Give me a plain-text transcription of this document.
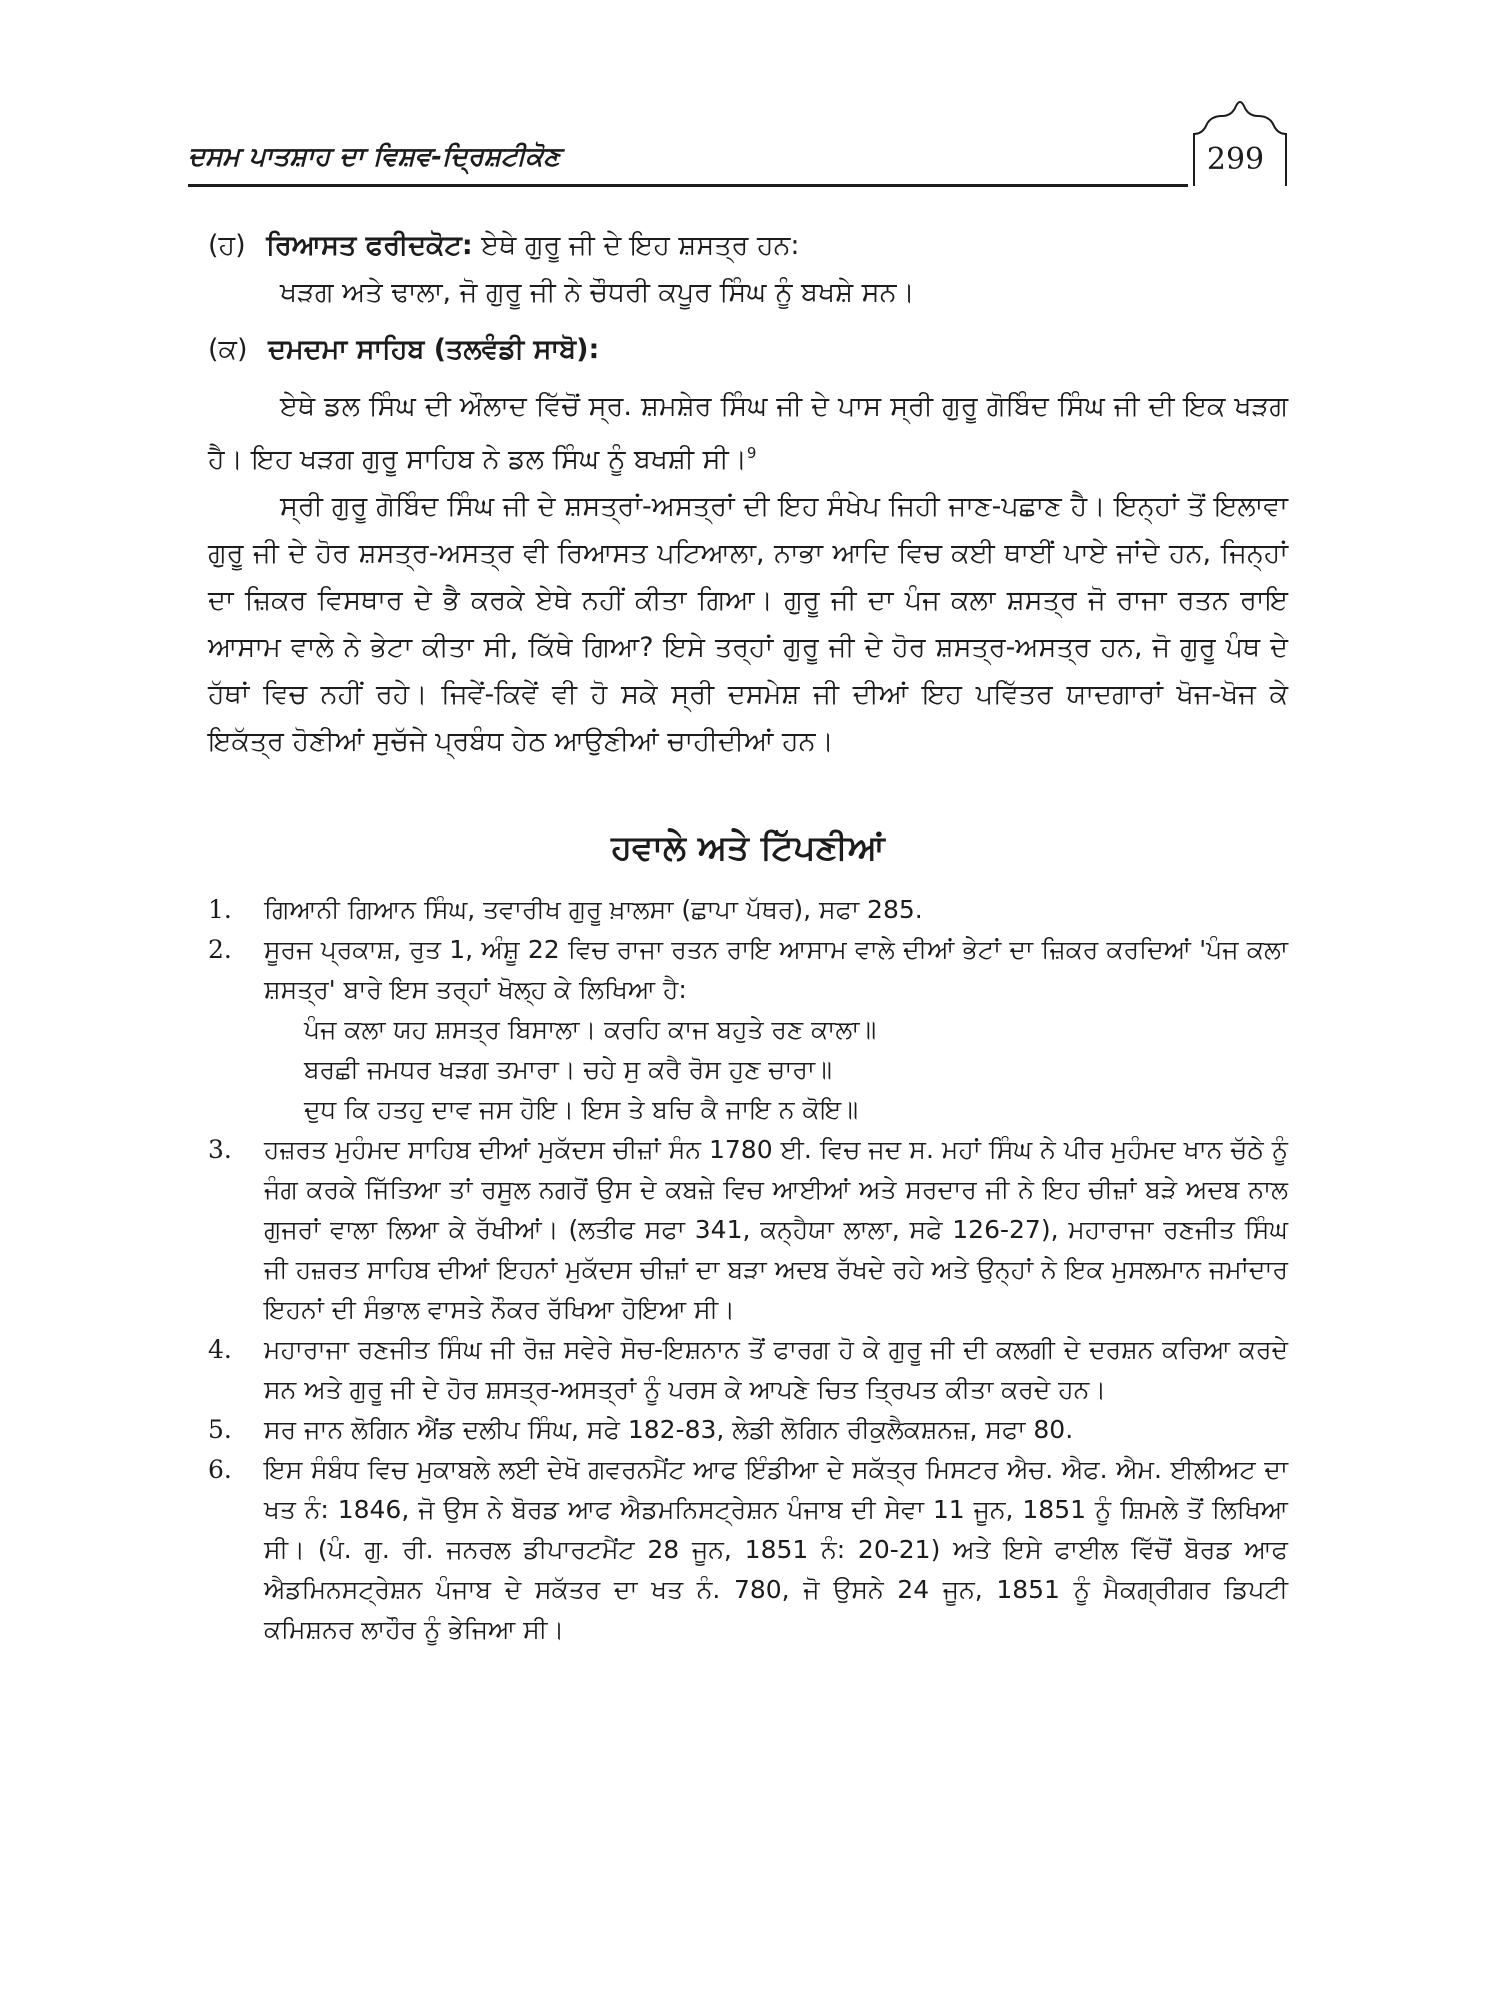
ਦਸਮ ਪਾਤਸ਼ਾਹ ਦਾ ਵਿਸ਼ਵ-ਦ੍ਰਿਸ਼ਟੀਕੋਣ	299
(ਹ) ਰਿਆਸਤ ਫਰੀਦਕੋਟ: ਏਥੇ ਗੁਰੂ ਜੀ ਦੇ ਇਹ ਸ਼ਸਤ੍ਰ ਹਨ:
ਖੜਗ ਅਤੇ ਢਾਲਾ, ਜੋ ਗੁਰੂ ਜੀ ਨੇ ਚੌਧਰੀ ਕਪੂਰ ਸਿੰਘ ਨੂੰ ਬਖਸ਼ੇ ਸਨ।
(ਕ) ਦਮਦਮਾ ਸਾਹਿਬ (ਤਲਵੰਡੀ ਸਾਬੋ):
ਏਥੇ ਡਲ ਸਿੰਘ ਦੀ ਔਲਾਦ ਵਿੱਚੋਂ ਸ੍ਰ. ਸ਼ਮਸ਼ੇਰ ਸਿੰਘ ਜੀ ਦੇ ਪਾਸ ਸ੍ਰੀ ਗੁਰੂ ਗੋਬਿੰਦ ਸਿੰਘ ਜੀ ਦੀ ਇਕ ਖੜਗ ਹੈ। ਇਹ ਖੜਗ ਗੁਰੂ ਸਾਹਿਬ ਨੇ ਡਲ ਸਿੰਘ ਨੂੰ ਬਖਸ਼ੀ ਸੀ।$^9$
ਸ੍ਰੀ ਗੁਰੂ ਗੋਬਿੰਦ ਸਿੰਘ ਜੀ ਦੇ ਸ਼ਸਤ੍ਰਾਂ-ਅਸਤ੍ਰਾਂ ਦੀ ਇਹ ਸੰਖੇਪ ਜਿਹੀ ਜਾਣ-ਪਛਾਣ ਹੈ। ਇਨ੍ਹਾਂ ਤੋਂ ਇਲਾਵਾ ਗੁਰੂ ਜੀ ਦੇ ਹੋਰ ਸ਼ਸਤ੍ਰ-ਅਸਤ੍ਰ ਵੀ ਰਿਆਸਤ ਪਟਿਆਲਾ, ਨਾਭਾ ਆਦਿ ਵਿਚ ਕਈ ਥਾਈਂ ਪਾਏ ਜਾਂਦੇ ਹਨ, ਜਿਨ੍ਹਾਂ ਦਾ ਜ਼ਿਕਰ ਵਿਸਥਾਰ ਦੇ ਭੈ ਕਰਕੇ ਏਥੇ ਨਹੀਂ ਕੀਤਾ ਗਿਆ। ਗੁਰੂ ਜੀ ਦਾ ਪੰਜ ਕਲਾ ਸ਼ਸਤ੍ਰ ਜੋ ਰਾਜਾ ਰਤਨ ਰਾਇ ਆਸਾਮ ਵਾਲੇ ਨੇ ਭੇਟਾ ਕੀਤਾ ਸੀ, ਕਿੱਥੇ ਗਿਆ? ਇਸੇ ਤਰ੍ਹਾਂ ਗੁਰੂ ਜੀ ਦੇ ਹੋਰ ਸ਼ਸਤ੍ਰ-ਅਸਤ੍ਰ ਹਨ, ਜੋ ਗੁਰੂ ਪੰਥ ਦੇ ਹੱਥਾਂ ਵਿਚ ਨਹੀਂ ਰਹੇ। ਜਿਵੇਂ-ਕਿਵੇਂ ਵੀ ਹੋ ਸਕੇ ਸ੍ਰੀ ਦਸਮੇਸ਼ ਜੀ ਦੀਆਂ ਇਹ ਪਵਿੱਤਰ ਯਾਦਗਾਰਾਂ ਖੋਜ-ਖੋਜ ਕੇ ਇਕੱਤ੍ਰ ਹੋਣੀਆਂ ਸੁਚੱਜੇ ਪ੍ਰਬੰਧ ਹੇਠ ਆਉਣੀਆਂ ਚਾਹੀਦੀਆਂ ਹਨ।
ਹਵਾਲੇ ਅਤੇ ਟਿੱਪਣੀਆਂ
1.	ਗਿਆਨੀ ਗਿਆਨ ਸਿੰਘ, ਤਵਾਰੀਖ ਗੁਰੂ ਖ਼ਾਲਸਾ (ਛਾਪਾ ਪੱਥਰ), ਸਫਾ 285.
2.	ਸੂਰਜ ਪ੍ਰਕਾਸ਼, ਰੁਤ 1, ਅੰਸ਼ੂ 22 ਵਿਚ ਰਾਜਾ ਰਤਨ ਰਾਇ ਆਸਾਮ ਵਾਲੇ ਦੀਆਂ ਭੇਟਾਂ ਦਾ ਜ਼ਿਕਰ ਕਰਦਿਆਂ 'ਪੰਜ ਕਲਾ ਸ਼ਸਤ੍ਰ' ਬਾਰੇ ਇਸ ਤਰ੍ਹਾਂ ਖੋਲ੍ਹ ਕੇ ਲਿਖਿਆ ਹੈ:
ਪੰਜ ਕਲਾ ਯਹ ਸ਼ਸਤ੍ਰ ਬਿਸਾਲਾ। ਕਰਹਿ ਕਾਜ ਬਹੁਤੇ ਰਣ ਕਾਲਾ॥
ਬਰਛੀ ਜਮਧਰ ਖੜਗ ਤਮਾਰਾ। ਚਹੇ ਸੁ ਕਰੈ ਰੋਸ ਹੁਣ ਚਾਰਾ॥
ਦੁਧ ਕਿ ਹਤਹੁ ਦਾਵ ਜਸ ਹੋਇ। ਇਸ ਤੇ ਬਚਿ ਕੈ ਜਾਇ ਨ ਕੋਇ॥
3.	ਹਜ਼ਰਤ ਮੁਹੰਮਦ ਸਾਹਿਬ ਦੀਆਂ ਮੁਕੱਦਸ ਚੀਜ਼ਾਂ ਸੰਨ 1780 ਈ. ਵਿਚ ਜਦ ਸ. ਮਹਾਂ ਸਿੰਘ ਨੇ ਪੀਰ ਮੁਹੰਮਦ ਖਾਨ ਚੱਠੇ ਨੂੰ ਜੰਗ ਕਰਕੇ ਜਿੱਤਿਆ ਤਾਂ ਰਸੂਲ ਨਗਰੋਂ ਉਸ ਦੇ ਕਬਜ਼ੇ ਵਿਚ ਆਈਆਂ ਅਤੇ ਸਰਦਾਰ ਜੀ ਨੇ ਇਹ ਚੀਜ਼ਾਂ ਬੜੇ ਅਦਬ ਨਾਲ ਗੁਜਰਾਂ ਵਾਲਾ ਲਿਆ ਕੇ ਰੱਖੀਆਂ। (ਲਤੀਫ ਸਫਾ 341, ਕਨ੍ਹੈਯਾ ਲਾਲਾ, ਸਫੇ 126-27), ਮਹਾਰਾਜਾ ਰਣਜੀਤ ਸਿੰਘ ਜੀ ਹਜ਼ਰਤ ਸਾਹਿਬ ਦੀਆਂ ਇਹਨਾਂ ਮੁਕੱਦਸ ਚੀਜ਼ਾਂ ਦਾ ਬੜਾ ਅਦਬ ਰੱਖਦੇ ਰਹੇ ਅਤੇ ਉਨ੍ਹਾਂ ਨੇ ਇਕ ਮੁਸਲਮਾਨ ਜਮਾਂਦਾਰ ਇਹਨਾਂ ਦੀ ਸੰਭਾਲ ਵਾਸਤੇ ਨੌਕਰ ਰੱਖਿਆ ਹੋਇਆ ਸੀ।
4.	ਮਹਾਰਾਜਾ ਰਣਜੀਤ ਸਿੰਘ ਜੀ ਰੋਜ਼ ਸਵੇਰੇ ਸੋਚ-ਇਸ਼ਨਾਨ ਤੋਂ ਫਾਰਗ ਹੋ ਕੇ ਗੁਰੂ ਜੀ ਦੀ ਕਲਗੀ ਦੇ ਦਰਸ਼ਨ ਕਰਿਆ ਕਰਦੇ ਸਨ ਅਤੇ ਗੁਰੂ ਜੀ ਦੇ ਹੋਰ ਸ਼ਸਤ੍ਰ-ਅਸਤ੍ਰਾਂ ਨੂੰ ਪਰਸ ਕੇ ਆਪਣੇ ਚਿਤ ਤ੍ਰਿਪਤ ਕੀਤਾ ਕਰਦੇ ਹਨ।
5.	ਸਰ ਜਾਨ ਲੋਗਿਨ ਐਂਡ ਦਲੀਪ ਸਿੰਘ, ਸਫੇ 182-83, ਲੇਡੀ ਲੋਗਿਨ ਰੀਕੁਲੈਕਸ਼ਨਜ਼, ਸਫਾ 80.
6.	ਇਸ ਸੰਬੰਧ ਵਿਚ ਮੁਕਾਬਲੇ ਲਈ ਦੇਖੋ ਗਵਰਨਮੈਂਟ ਆਫ ਇੰਡੀਆ ਦੇ ਸਕੱਤ੍ਰ ਮਿਸਟਰ ਐਚ. ਐਫ. ਐਮ. ਈਲੀਅਟ ਦਾ ਖਤ ਨੰ: 1846, ਜੋ ਉਸ ਨੇ ਬੋਰਡ ਆਫ ਐਡਮਨਿਸਟ੍ਰੇਸ਼ਨ ਪੰਜਾਬ ਦੀ ਸੇਵਾ 11 ਜੂਨ, 1851 ਨੂੰ ਸ਼ਿਮਲੇ ਤੋਂ ਲਿਖਿਆ ਸੀ। (ਪੰ. ਗੁ. ਰੀ. ਜਨਰਲ ਡੀਪਾਰਟਮੈਂਟ 28 ਜੂਨ, 1851 ਨੰ: 20-21) ਅਤੇ ਇਸੇ ਫਾਈਲ ਵਿੱਚੋਂ ਬੋਰਡ ਆਫ ਐਡਮਿਨਸਟ੍ਰੇਸ਼ਨ ਪੰਜਾਬ ਦੇ ਸਕੱਤਰ ਦਾ ਖਤ ਨੰ. 780, ਜੋ ਉਸਨੇ 24 ਜੂਨ, 1851 ਨੂੰ ਮੈਕਗ੍ਰੀਗਰ ਡਿਪਟੀ ਕਮਿਸ਼ਨਰ ਲਾਹੌਰ ਨੂੰ ਭੇਜਿਆ ਸੀ।
